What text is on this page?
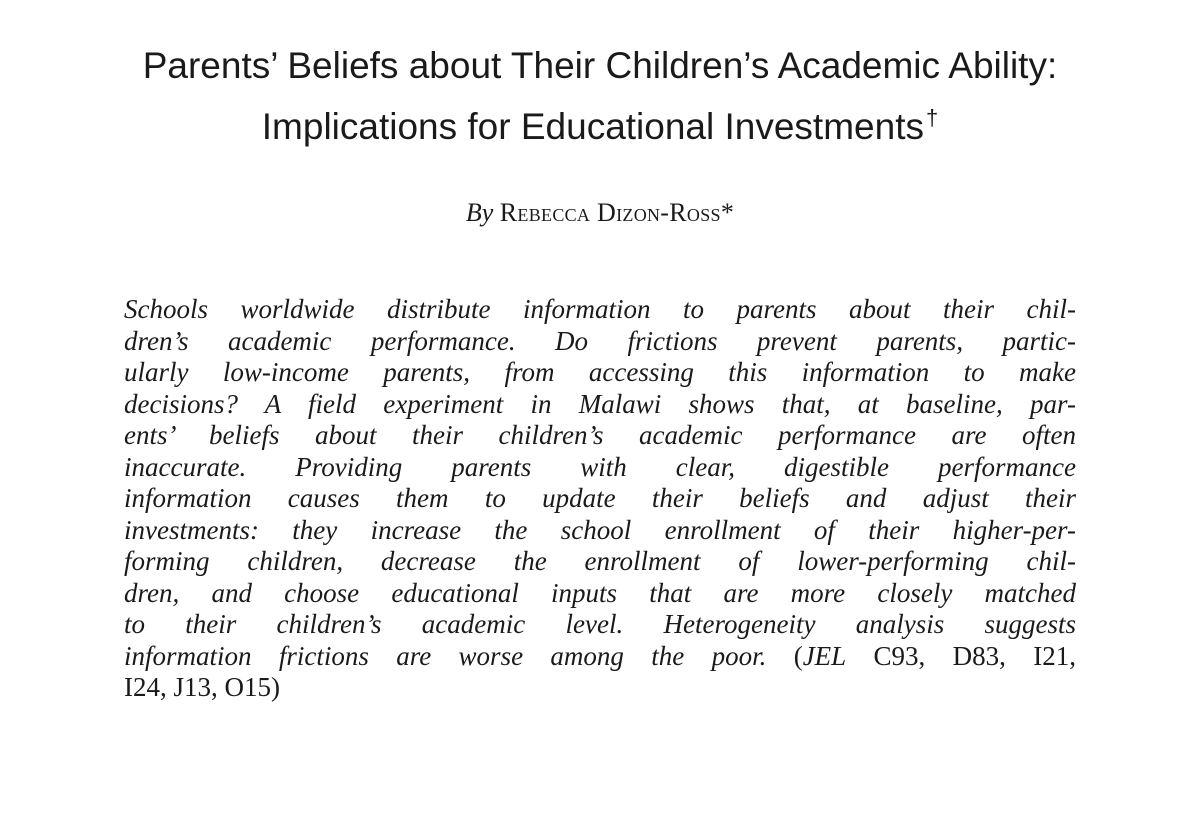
Parents’ Beliefs about Their Children’s Academic Ability:
Implications for Educational Investments†
By Rebecca Dizon-Ross*
Schools worldwide distribute information to parents about their chil-
dren’s academic performance. Do frictions prevent parents, partic-
ularly low-income parents, from accessing this information to make
decisions? A field experiment in Malawi shows that, at baseline, par-
ents’ beliefs about their children’s academic performance are often
inaccurate. Providing parents with clear, digestible performance
information causes them to update their beliefs and adjust their
investments: they increase the school enrollment of their higher-per-
forming children, decrease the enrollment of lower-performing chil-
dren, and choose educational inputs that are more closely matched
to their children’s academic level. Heterogeneity analysis suggests
information frictions are worse among the poor. (JEL C93, D83, I21,
I24, J13, O15)
